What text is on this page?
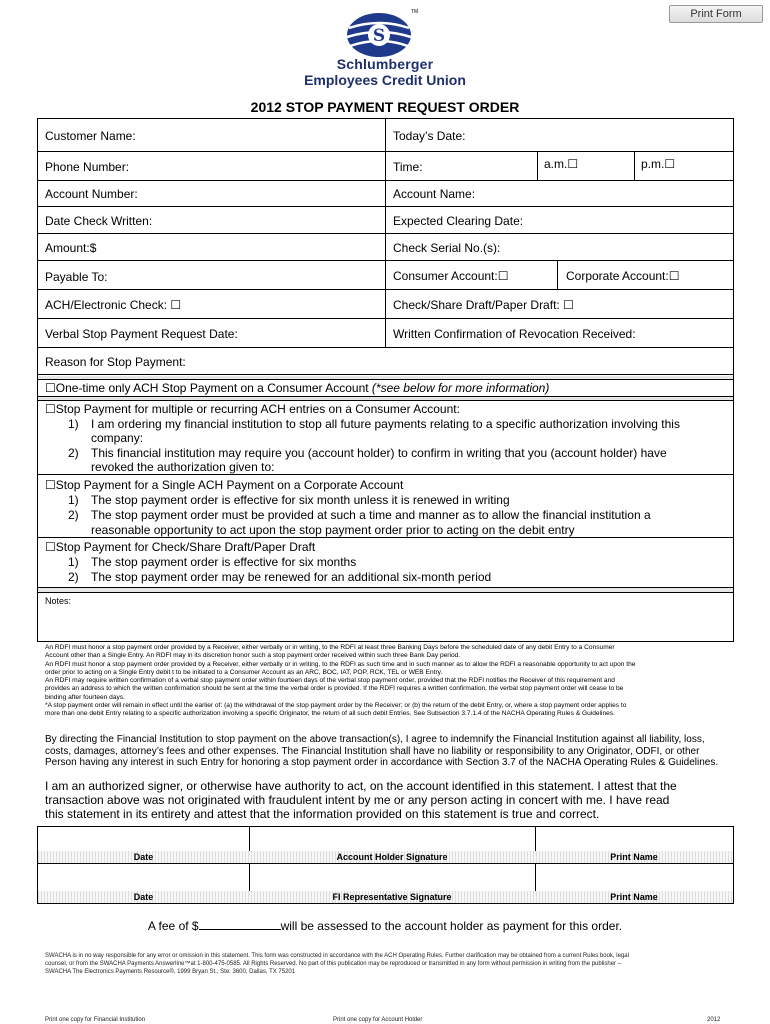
Print Form
S
TM
Schlumberger
Employees Credit Union
2012 STOP PAYMENT REQUEST ORDER
Customer Name:	Today’s Date:
Phone Number:	Time:	a.m.☐	p.m.☐
Account Number:	Account Name:
Date Check Written:	Expected Clearing Date:
Amount:$	Check Serial No.(s):
Payable To:	Consumer Account:☐	Corporate Account:☐
ACH/Electronic Check: ☐	Check/Share Draft/Paper Draft: ☐
Verbal Stop Payment Request Date:	Written Confirmation of Revocation Received:
Reason for Stop Payment:
☐One-time only ACH Stop Payment on a Consumer Account (*see below for more information)
☐Stop Payment for multiple or recurring ACH entries on a Consumer Account:
1) I am ordering my financial institution to stop all future payments relating to a specific authorization involving this
company:
2) This financial institution may require you (account holder) to confirm in writing that you (account holder) have
revoked the authorization given to:
☐Stop Payment for a Single ACH Payment on a Corporate Account
1) The stop payment order is effective for six month unless it is renewed in writing
2) The stop payment order must be provided at such a time and manner as to allow the financial institution a
reasonable opportunity to act upon the stop payment order prior to acting on the debit entry
☐Stop Payment for Check/Share Draft/Paper Draft
1) The stop payment order is effective for six months
2) The stop payment order may be renewed for an additional six-month period
Notes:
An RDFI must honor a stop payment order provided by a Receiver, either verbally or in writing, to the RDFI at least three Banking Days before the scheduled date of any debit Entry to a Consumer
Account other than a Single Entry. An RDFI may in its discretion honor such a stop payment order received within such three Bank Day period.
An RDFI must honor a stop payment order provided by a Receiver, either verbally or in writing, to the RDFI as such time and in such manner as to allow the RDFI a reasonable opportunity to act upon the
order prior to acting on a Single Entry debit t to be initiated to a Consumer Account as an ARC, BOC, IAT, POP, RCK, TEL or WEB Entry.
An RDFI may require written confirmation of a verbal stop payment order within fourteen days of the verbal stop payment order, provided that the RDFI notifies the Receiver of this requirement and
provides an address to which the written confirmation should be sent at the time the verbal order is provided. If the RDFI requires a written confirmation, the verbal stop payment order will cease to be
binding after fourteen days.
*A stop payment order will remain in effect until the earlier of: (a) the withdrawal of the stop payment order by the Receiver; or (b) the return of the debit Entry, or, where a stop payment order applies to
more than one debit Entry relating to a specific authorization involving a specific Originator, the return of all such debit Entries. See Subsection 3.7.1.4 of the NACHA Operating Rules & Guidelines.
By directing the Financial Institution to stop payment on the above transaction(s), I agree to indemnify the Financial Institution against all liability, loss,
costs, damages, attorney’s fees and other expenses. The Financial Institution shall have no liability or responsibility to any Originator, ODFI, or other
Person having any interest in such Entry for honoring a stop payment order in accordance with Section 3.7 of the NACHA Operating Rules & Guidelines.
I am an authorized signer, or otherwise have authority to act, on the account identified in this statement. I attest that the
transaction above was not originated with fraudulent intent by me or any person acting in concert with me. I have read
this statement in its entirety and attest that the information provided on this statement is true and correct.
Date	Account Holder Signature	Print Name
Date	FI Representative Signature	Print Name
A fee of $	will be assessed to the account holder as payment for this order.
SWACHA is in no way responsible for any error or omission in this statement. This form was constructed in accordance with the ACH Operating Rules. Further clarification may be obtained from a current Rules book, legal
counsel, or from the SWACHA Payments Answerline™at 1-800-475-0585. All Rights Reserved. No part of this publication may be reproduced or transmitted in any form without permission in writing from the publisher –
SWACHA The Electronics Payments Resource®, 1999 Bryan St., Ste. 3600, Dallas, TX 75201
Print one copy for Financial Institution	Print one copy for Account Holder	2012
